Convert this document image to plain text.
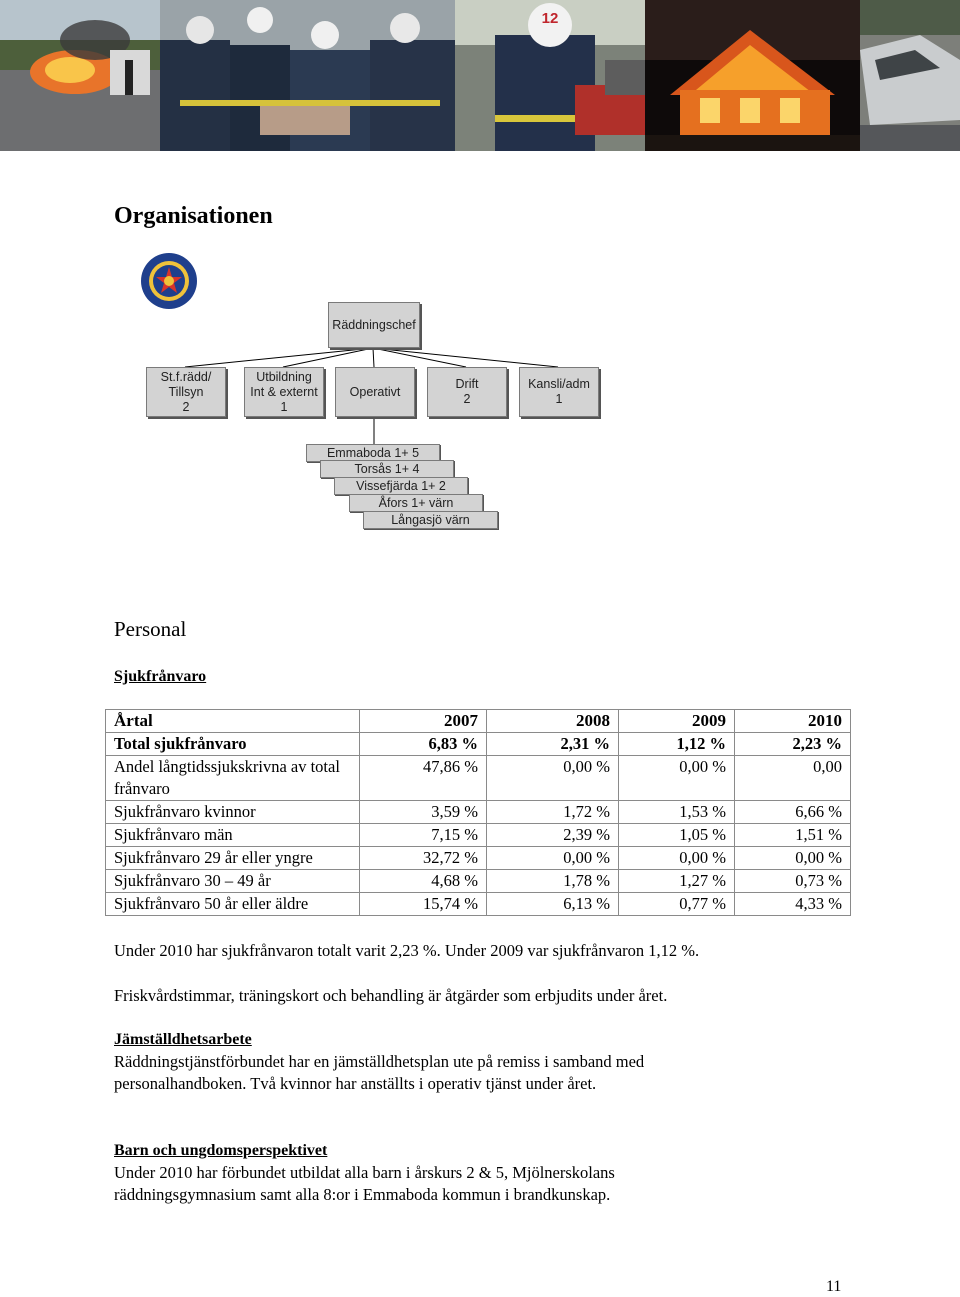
12
Organisationen
Räddningschef
St.f.rädd/
Tillsyn
2
Utbildning
Int & externt
1
Operativt
Drift
2
Kansli/adm
1
Emmaboda 1+ 5
Torsås 1+ 4
Vissefjärda 1+ 2
Åfors 1+ värn
Långasjö värn
Personal
Sjukfrånvaro
Årtal	2007	2008	2009	2010
Total sjukfrånvaro	6,83 %	2,31 %	1,12 %	2,23 %
Andel långtidssjukskrivna av total frånvaro	47,86 %	0,00 %	0,00 %	0,00
Sjukfrånvaro kvinnor	3,59 %	1,72 %	1,53 %	6,66 %
Sjukfrånvaro män	7,15 %	2,39 %	1,05 %	1,51 %
Sjukfrånvaro 29 år eller yngre	32,72 %	0,00 %	0,00 %	0,00 %
Sjukfrånvaro 30 – 49 år	4,68 %	1,78 %	1,27 %	0,73 %
Sjukfrånvaro 50 år eller äldre	15,74 %	6,13 %	0,77 %	4,33 %
Under 2010 har sjukfrånvaron totalt varit 2,23 %. Under 2009 var sjukfrånvaron 1,12 %.
Friskvårdstimmar, träningskort och behandling är åtgärder som erbjudits under året.
Jämställdhetsarbete
Räddningstjänstförbundet har en jämställdhetsplan ute på remiss i samband med
personalhandboken. Två kvinnor har anställts i operativ tjänst under året.
Barn och ungdomsperspektivet
Under 2010 har förbundet utbildat alla barn i årskurs 2 & 5, Mjölnerskolans
räddningsgymnasium samt alla 8:or i Emmaboda kommun i brandkunskap.
11
